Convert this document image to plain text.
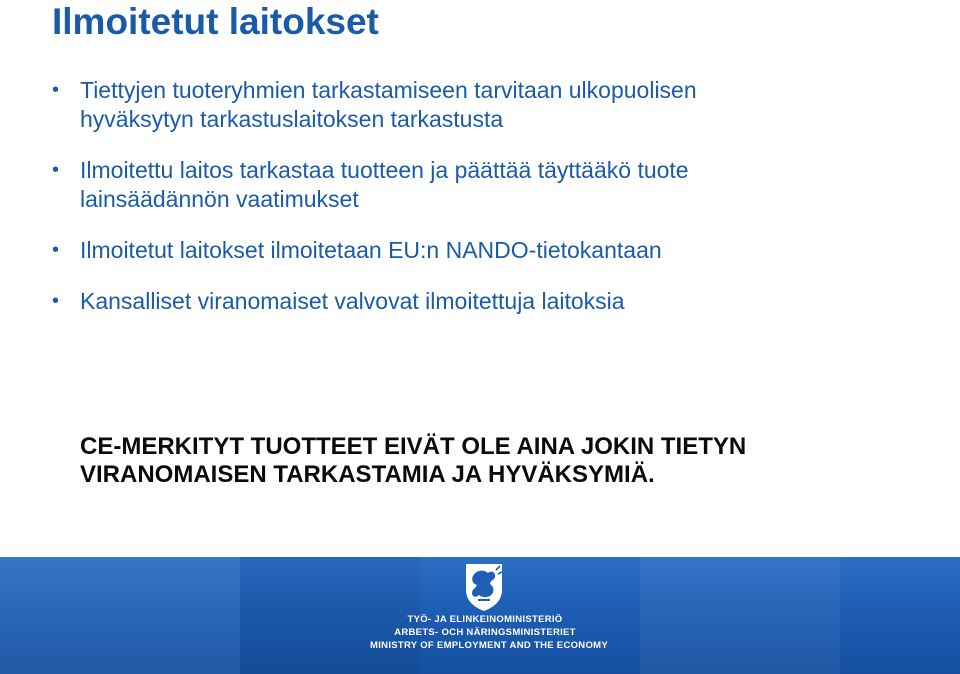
Ilmoitetut laitokset
• Tiettyjen tuoteryhmien tarkastamiseen tarvitaan ulkopuolisen
hyväksytyn tarkastuslaitoksen tarkastusta
• Ilmoitettu laitos tarkastaa tuotteen ja päättää täyttääkö tuote
lainsäädännön vaatimukset
• Ilmoitetut laitokset ilmoitetaan EU:n NANDO-tietokantaan
• Kansalliset viranomaiset valvovat ilmoitettuja laitoksia

CE-MERKITYT TUOTTEET EIVÄT OLE AINA JOKIN TIETYN
VIRANOMAISEN TARKASTAMIA JA HYVÄKSYMIÄ.

TYÖ- JA ELINKEINOMINISTERIÖ
ARBETS- OCH NÄRINGSMINISTERIET
MINISTRY OF EMPLOYMENT AND THE ECONOMY
